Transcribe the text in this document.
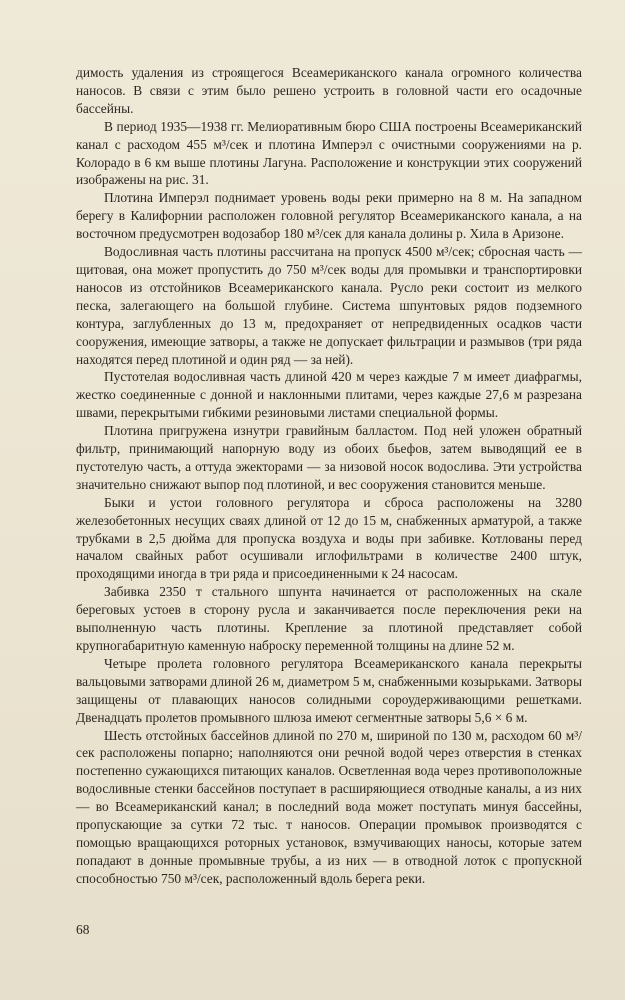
димость удаления из строящегося Всеамериканского канала огромного количества наносов. В связи с этим было решено устроить в головной части его осадочные бассейны.

В период 1935—1938 гг. Мелиоративным бюро США построены Всеамериканский канал с расходом 455 м³/сек и плотина Имперэл с очистными сооружениями на р. Колорадо в 6 км выше плотины Лагуна. Расположение и конструкции этих сооружений изображены на рис. 31.

Плотина Имперэл поднимает уровень воды реки примерно на 8 м. На западном берегу в Калифорнии расположен головной регулятор Всеамериканского канала, а на восточном предусмотрен водозабор 180 м³/сек для канала долины р. Хила в Аризоне.

Водосливная часть плотины рассчитана на пропуск 4500 м³/сек; сбросная часть — щитовая, она может пропустить до 750 м³/сек воды для промывки и транспортировки наносов из отстойников Всеамериканского канала. Русло реки состоит из мелкого песка, залегающего на большой глубине. Система шпунтовых рядов подземного контура, заглубленных до 13 м, предохраняет от непредвиденных осадков части сооружения, имеющие затворы, а также не допускает фильтрации и размывов (три ряда находятся перед плотиной и один ряд — за ней).

Пустотелая водосливная часть длиной 420 м через каждые 7 м имеет диафрагмы, жестко соединенные с донной и наклонными плитами, через каждые 27,6 м разрезана швами, перекрытыми гибкими резиновыми листами специальной формы.

Плотина пригружена изнутри гравийным балластом. Под ней уложен обратный фильтр, принимающий напорную воду из обоих бьефов, затем выводящий ее в пустотелую часть, а оттуда эжекторами — за низовой носок водослива. Эти устройства значительно снижают выпор под плотиной, и вес сооружения становится меньше.

Быки и устои головного регулятора и сброса расположены на 3280 железобетонных несущих сваях длиной от 12 до 15 м, снабженных арматурой, а также трубками в 2,5 дюйма для пропуска воздуха и воды при забивке. Котлованы перед началом свайных работ осушивали иглофильтрами в количестве 2400 штук, проходящими иногда в три ряда и присоединенными к 24 насосам.

Забивка 2350 т стального шпунта начинается от расположенных на скале береговых устоев в сторону русла и заканчивается после переключения реки на выполненную часть плотины. Крепление за плотиной представляет собой крупногабаритную каменную наброску переменной толщины на длине 52 м.

Четыре пролета головного регулятора Всеамериканского канала перекрыты вальцовыми затворами длиной 26 м, диаметром 5 м, снабженными козырьками. Затворы защищены от плавающих наносов солидными сороудерживающими решетками. Двенадцать пролетов промывного шлюза имеют сегментные затворы 5,6 × 6 м.

Шесть отстойных бассейнов длиной по 270 м, шириной по 130 м, расходом 60 м³/сек расположены попарно; наполняются они речной водой через отверстия в стенках постепенно сужающихся питающих каналов. Осветленная вода через противоположные водосливные стенки бассейнов поступает в расширяющиеся отводные каналы, а из них — во Всеамериканский канал; в последний вода может поступать минуя бассейны, пропускающие за сутки 72 тыс. т наносов. Операции промывок производятся с помощью вращающихся роторных установок, взмучивающих наносы, которые затем попадают в донные промывные трубы, а из них — в отводной лоток с пропускной способностью 750 м³/сек, расположенный вдоль берега реки.

68
